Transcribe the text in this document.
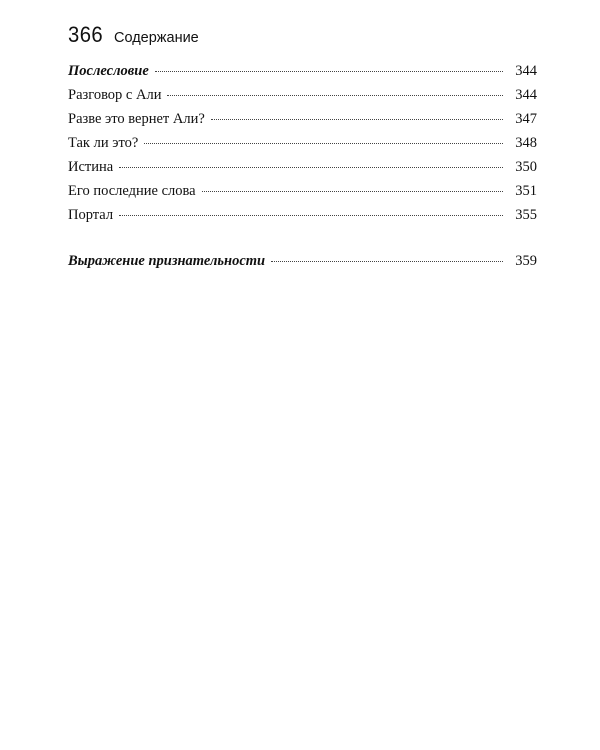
366 Содержание
Послесловие	344
Разговор с Али	344
Разве это вернет Али?	347
Так ли это?	348
Истина	350
Его последние слова	351
Портал	355
Выражение признательности	359
